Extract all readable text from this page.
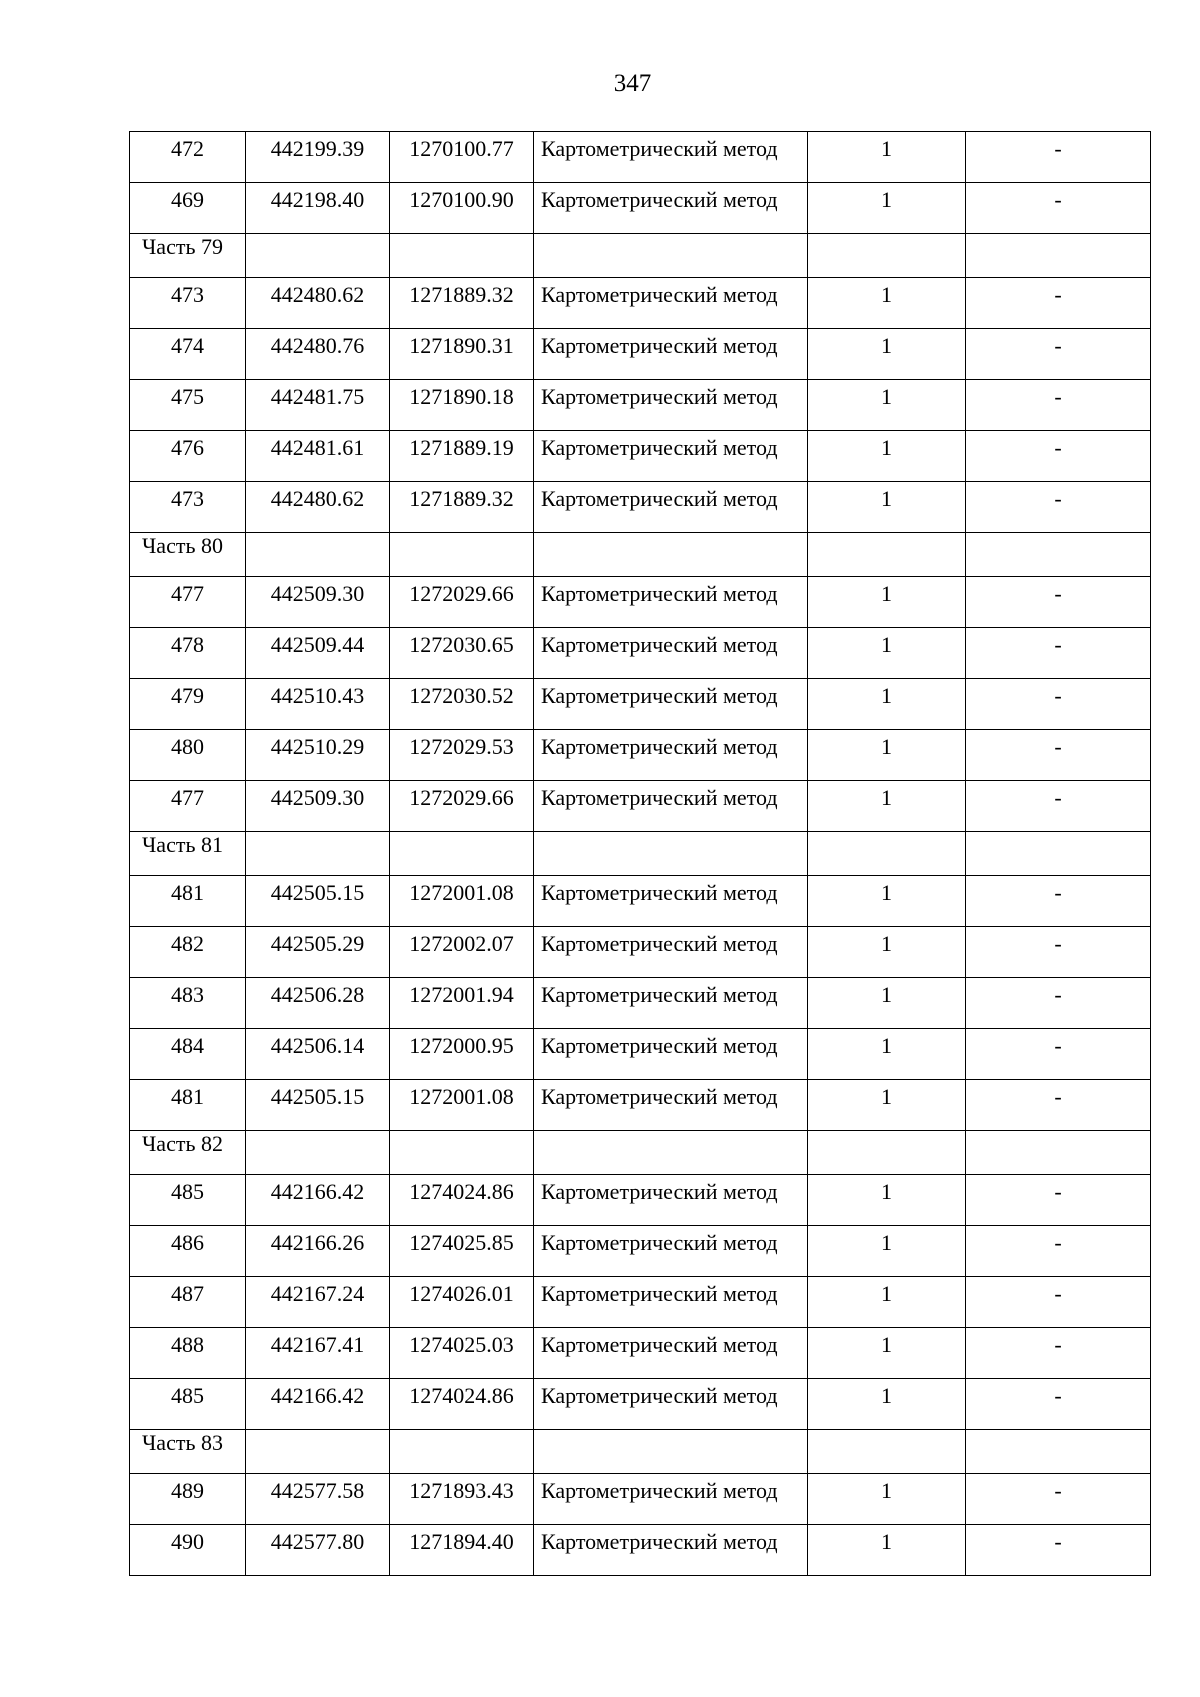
347
472	442199.39	1270100.77	Картометрический метод	1	-
469	442198.40	1270100.90	Картометрический метод	1	-
Часть 79					
473	442480.62	1271889.32	Картометрический метод	1	-
474	442480.76	1271890.31	Картометрический метод	1	-
475	442481.75	1271890.18	Картометрический метод	1	-
476	442481.61	1271889.19	Картометрический метод	1	-
473	442480.62	1271889.32	Картометрический метод	1	-
Часть 80					
477	442509.30	1272029.66	Картометрический метод	1	-
478	442509.44	1272030.65	Картометрический метод	1	-
479	442510.43	1272030.52	Картометрический метод	1	-
480	442510.29	1272029.53	Картометрический метод	1	-
477	442509.30	1272029.66	Картометрический метод	1	-
Часть 81					
481	442505.15	1272001.08	Картометрический метод	1	-
482	442505.29	1272002.07	Картометрический метод	1	-
483	442506.28	1272001.94	Картометрический метод	1	-
484	442506.14	1272000.95	Картометрический метод	1	-
481	442505.15	1272001.08	Картометрический метод	1	-
Часть 82					
485	442166.42	1274024.86	Картометрический метод	1	-
486	442166.26	1274025.85	Картометрический метод	1	-
487	442167.24	1274026.01	Картометрический метод	1	-
488	442167.41	1274025.03	Картометрический метод	1	-
485	442166.42	1274024.86	Картометрический метод	1	-
Часть 83					
489	442577.58	1271893.43	Картометрический метод	1	-
490	442577.80	1271894.40	Картометрический метод	1	-
